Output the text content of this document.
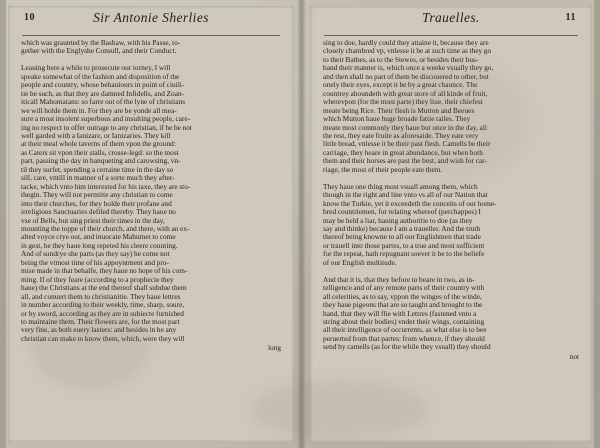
10	Sir Antonie Sherlies
which was graunted by the Bashaw, with his Passe, to-
gether with the Englyshe Consull, and their Conduct.

Leauing here a while to prosecute our iorney, I will
speake somewhat of the fashion and disposition of the
people and country, whose behauiours in point of ciuili-
tie be such, as that they are damned Infidells, and Zoan-
iticall Mahomatans: so farre out of the lyne of christians
we will holde them in. For they are be yonde all mea-
sure a most insolent superbous and insulting people, care-
ing no respect to offer outrage to any christian, if he be not
well garded with a Ianizare, or Ianizaries. They kill
at their meal whole taverns of them vpon the ground:
as Caters sit vpon their stalls, crosse-legd: so the most
part, passing the day in banqueting and carowsing, vn-
til they surfet, spending a certaine time in the day so
sill, care, vntill in manner of a sorte much they after-
tacke, which vnto him interested for his taxe, they are sto-
thegin. They will not permitte any christian to come
into their churches, for they holde their profane and
irreligious Sanctuaries defiled thereby. They haue no
vse of Bells, but sing priest their times in the day,
mounting the toppe of their church, and there, with an ex-
alted voyce crye out, and inuocate Mahumet to come
in gest, he they haue long repeted his cleere counting.
And of sundrye she parts (as they say) he come not
being the vtmost time of his appoyntment and pro-
mise made in that behalfe, they haue no hope of his com-
ming. If of they feare (according to a prophecie they
haue) the Christians at the end thereof shall subdue them
all, and conuert them to christianitie. They haue lettres
in number according to their weekly, time, sharp, soure,
or by sword, according as they are in subiecte furnished
to maintaine them. Their flowers are, for the most part
very fine, as both euery lasters: and besides in he any
christian can make to know them, which, were they will
long
11
Trauelles.
sing to doe, hardly could they attaine it, because they are
closely chambred vp, vnlesse it be at such time as they go
to their Bathes, as to the Stewes, or besides their hus-
band their manner is, which once a weeke vsually they go,
and then shall no part of them be discouered to other, but
onely their eyes, except it be by a great chaunce. The
countrey aboundeth with great store of all kinde of fruit,
wherevpon (for the most parte) they liue, their chiefest
meate being Rice. Their flesh is Mutton and Beeues
which Mutton haue huge broade fattie tailes. They
meate most commonly they haue but once in the day, all
the rest, they eate fruite as aforesaide. They eate very
little bread, vnlesse it be their past flesh. Camells be their
carriage, they heare in great abundance, but when both
them and their horses are past the best, and wish for car-
riage, the most of their people eate them.

They haue one thing most vsuall among them, which
though in the right and line vnto vs all of our Nation that
know the Turkie, yet it exceedeth the conceits of our home-
bred countriemen, for relating whereof (perchappes) I
may be held a liar, hauing authoritie to doe (as they
say and thinke) because I am a traueller. And the truth
thereof being knowne to all our Englishmen that trade
or trauell into those partes, to a true and most sufficient
for the repeat, hath repugnant soever it be to the beliefe
of our English multitude.

And that it is, that they before to beare in two, as in-
telligence and of any remote parts of their country with
all celerities, as to say, vppon the winges of the winde,
they haue pigeons that are so taught and brought to the
hand, that they will flie with Lettres (fastened vnto a
string about their bodies) vnder their wings, containing
all their intelligence of occurrents, as what else is to bee
peruerted from that partes: from whence, if they should
send by camells (as for the while they vsuall) they should
not
